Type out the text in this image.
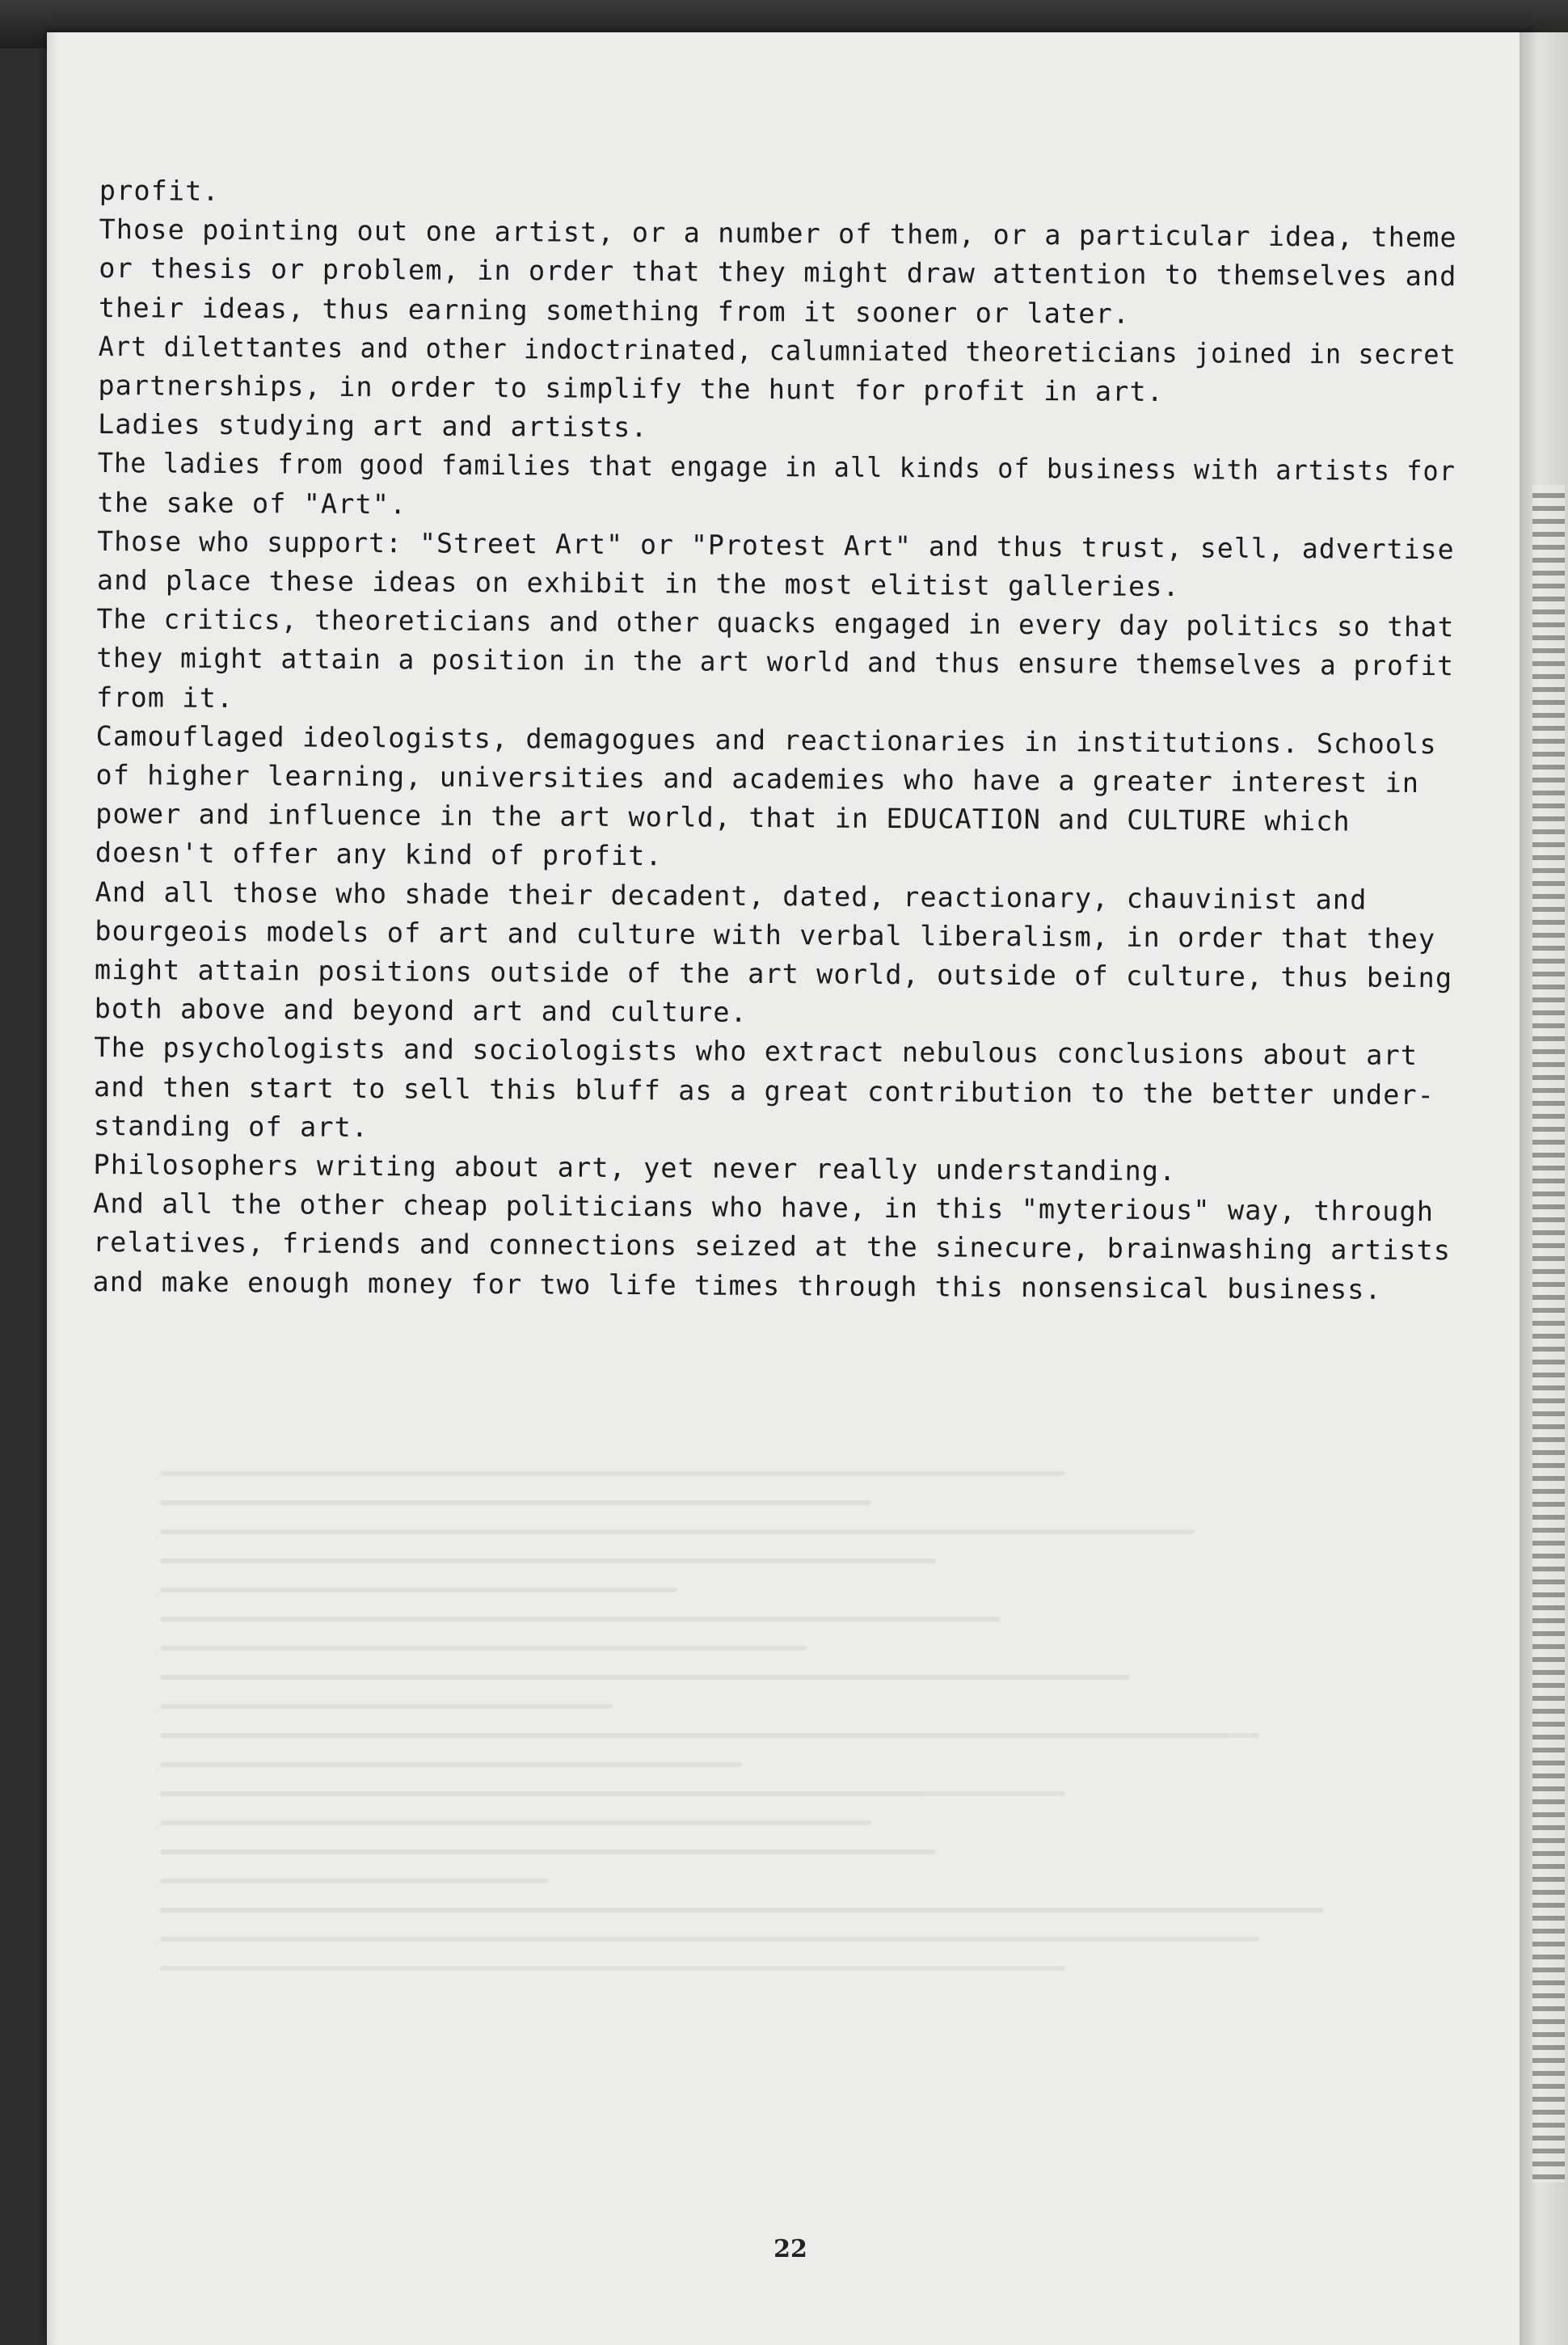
profit.
Those pointing out one artist, or a number of them, or a particular idea, theme
or thesis or problem, in order that they might draw attention to themselves and
their ideas, thus earning something from it sooner or later.
Art dilettantes and other indoctrinated, calumniated theoreticians joined in secret
partnerships, in order to simplify the hunt for profit in art.
Ladies studying art and artists.
The ladies from good families that engage in all kinds of business with artists for
the sake of "Art".
Those who support: "Street Art" or "Protest Art" and thus trust, sell, advertise
and place these ideas on exhibit in the most elitist galleries.
The critics, theoreticians and other quacks engaged in every day politics so that
they might attain a position in the art world and thus ensure themselves a profit
from it.
Camouflaged ideologists, demagogues and reactionaries in institutions. Schools
of higher learning, universities and academies who have a greater interest in
power and influence in the art world, that in EDUCATION and CULTURE which
doesn't offer any kind of profit.
And all those who shade their decadent, dated, reactionary, chauvinist and
bourgeois models of art and culture with verbal liberalism, in order that they
might attain positions outside of the art world, outside of culture, thus being
both above and beyond art and culture.
The psychologists and sociologists who extract nebulous conclusions about art
and then start to sell this bluff as a great contribution to the better under-
standing of art.
Philosophers writing about art, yet never really understanding.
And all the other cheap politicians who have, in this "myterious" way, through
relatives, friends and connections seized at the sinecure, brainwashing artists
and make enough money for two life times through this nonsensical business.
22
